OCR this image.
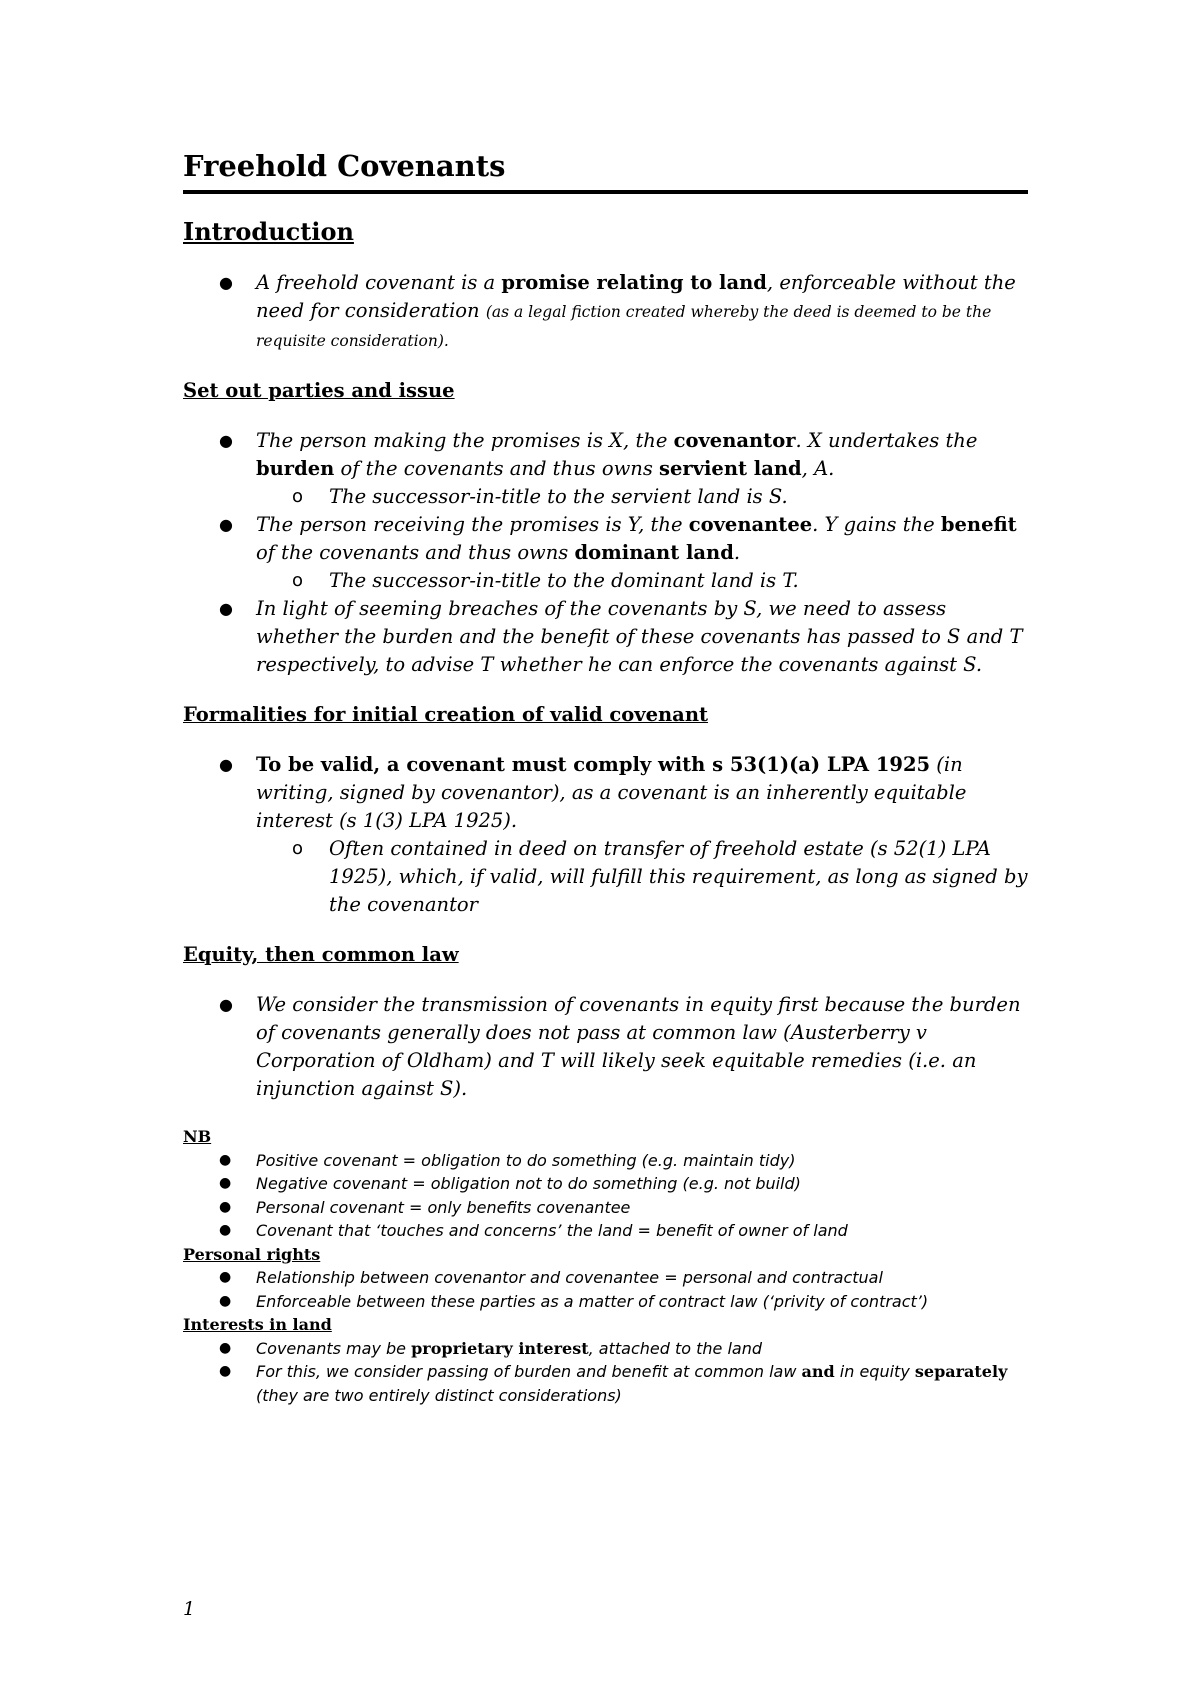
Freehold Covenants
Introduction
● A freehold covenant is a promise relating to land, enforceable without the need for consideration (as a legal fiction created whereby the deed is deemed to be the requisite consideration).
Set out parties and issue
● The person making the promises is X, the covenantor. X undertakes the burden of the covenants and thus owns servient land, A.
o The successor-in-title to the servient land is S.
● The person receiving the promises is Y, the covenantee. Y gains the benefit of the covenants and thus owns dominant land.
o The successor-in-title to the dominant land is T.
● In light of seeming breaches of the covenants by S, we need to assess whether the burden and the benefit of these covenants has passed to S and T respectively, to advise T whether he can enforce the covenants against S.
Formalities for initial creation of valid covenant
● To be valid, a covenant must comply with s 53(1)(a) LPA 1925 (in writing, signed by covenantor), as a covenant is an inherently equitable interest (s 1(3) LPA 1925).
o Often contained in deed on transfer of freehold estate (s 52(1) LPA 1925), which, if valid, will fulfill this requirement, as long as signed by the covenantor
Equity, then common law
● We consider the transmission of covenants in equity first because the burden of covenants generally does not pass at common law (Austerberry v Corporation of Oldham) and T will likely seek equitable remedies (i.e. an injunction against S).
NB
● Positive covenant = obligation to do something (e.g. maintain tidy)
● Negative covenant = obligation not to do something (e.g. not build)
● Personal covenant = only benefits covenantee
● Covenant that ‘touches and concerns’ the land = benefit of owner of land
Personal rights
● Relationship between covenantor and covenantee = personal and contractual
● Enforceable between these parties as a matter of contract law (‘privity of contract’)
Interests in land
● Covenants may be proprietary interest, attached to the land
● For this, we consider passing of burden and benefit at common law and in equity separately (they are two entirely distinct considerations)
1
